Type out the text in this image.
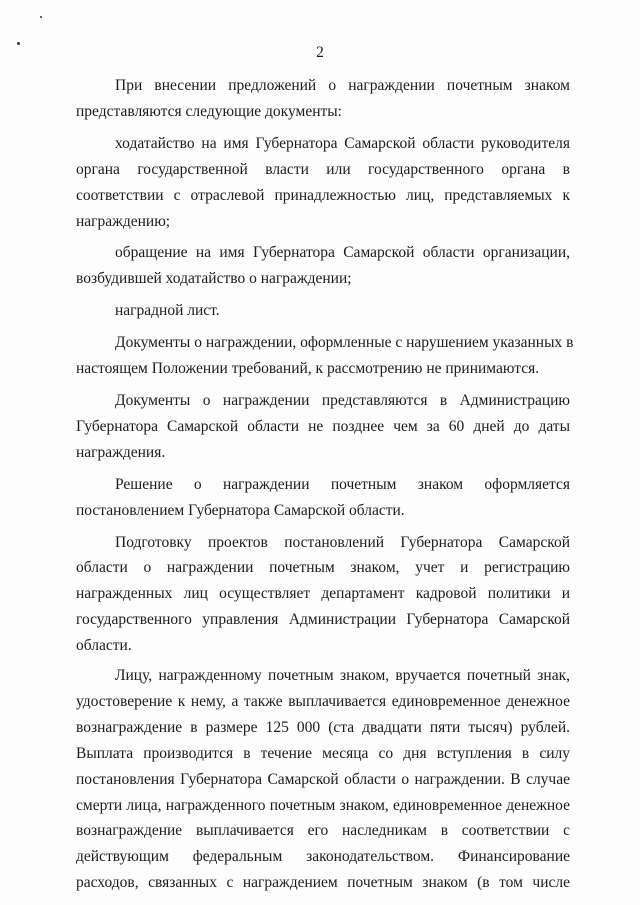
2

При внесении предложений о награждении почетным знаком
представляются следующие документы:

ходатайство на имя Губернатора Самарской области руководителя
органа государственной власти или государственного органа в
соответствии с отраслевой принадлежностью лиц, представляемых к
награждению;

обращение на имя Губернатора Самарской области организации,
возбудившей ходатайство о награждении;

наградной лист.

Документы о награждении, оформленные с нарушением указанных в
настоящем Положении требований, к рассмотрению не принимаются.

Документы о награждении представляются в Администрацию
Губернатора Самарской области не позднее чем за 60 дней до даты
награждения.

Решение о награждении почетным знаком оформляется
постановлением Губернатора Самарской области.

Подготовку проектов постановлений Губернатора Самарской
области о награждении почетным знаком, учет и регистрацию
награжденных лиц осуществляет департамент кадровой политики и
государственного управления Администрации Губернатора Самарской
области.

Лицу, награжденному почетным знаком, вручается почетный знак,
удостоверение к нему, а также выплачивается единовременное денежное
вознаграждение в размере 125 000 (ста двадцати пяти тысяч) рублей.
Выплата производится в течение месяца со дня вступления в силу
постановления Губернатора Самарской области о награждении. В случае
смерти лица, награжденного почетным знаком, единовременное денежное
вознаграждение выплачивается его наследникам в соответствии с
действующим федеральным законодательством. Финансирование
расходов, связанных с награждением почетным знаком (в том числе
